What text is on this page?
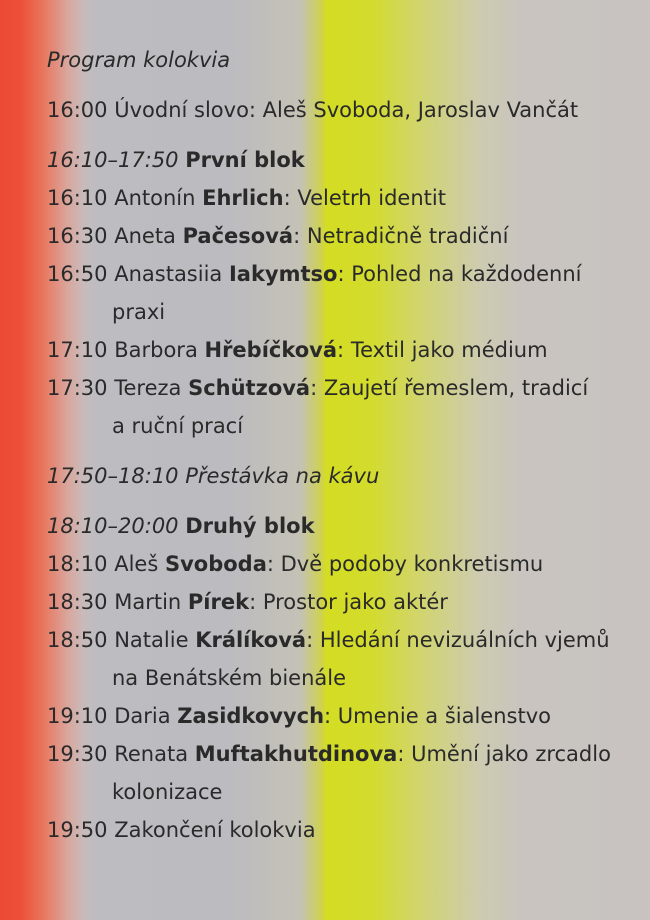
Program kolokvia
16:00 Úvodní slovo: Aleš Svoboda, Jaroslav Vančát
16:10–17:50 První blok
16:10 Antonín Ehrlich: Veletrh identit
16:30 Aneta Pačesová: Netradičně tradiční
16:50 Anastasiia Iakymtso: Pohled na každodenní
praxi
17:10 Barbora Hřebíčková: Textil jako médium
17:30 Tereza Schützová: Zaujetí řemeslem, tradicí
a ruční prací
17:50–18:10 Přestávka na kávu
18:10–20:00 Druhý blok
18:10 Aleš Svoboda: Dvě podoby konkretismu
18:30 Martin Pírek: Prostor jako aktér
18:50 Natalie Králíková: Hledání nevizuálních vjemů
na Benátském bienále
19:10 Daria Zasidkovych: Umenie a šialenstvo
19:30 Renata Muftakhutdinova: Umění jako zrcadlo
kolonizace
19:50 Zakončení kolokvia
